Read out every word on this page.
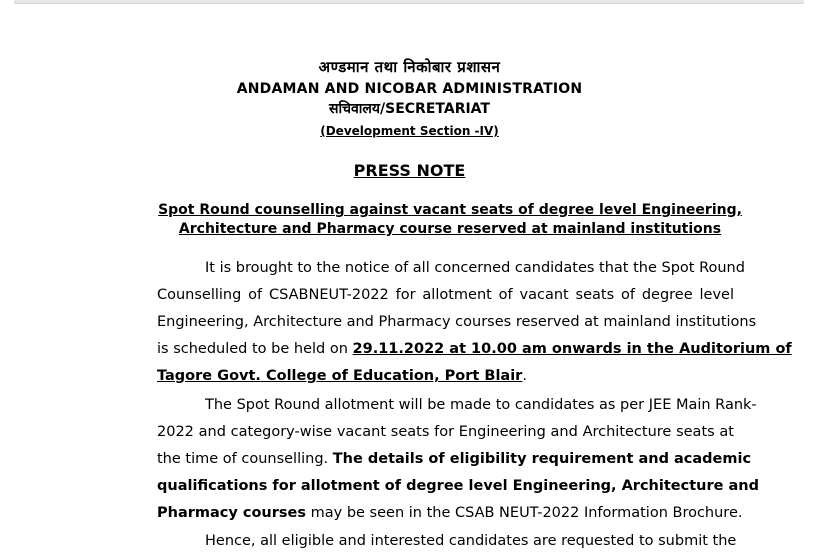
अण्डमान तथा निकोबार प्रशासन
ANDAMAN AND NICOBAR ADMINISTRATION
सचिवालय/SECRETARIAT
(Development Section -IV)
PRESS NOTE
Spot Round counselling against vacant seats of degree level Engineering,
Architecture and Pharmacy course reserved at mainland institutions
It is brought to the notice of all concerned candidates that the Spot Round
Counselling of CSABNEUT-2022 for allotment of vacant seats of degree level
Engineering, Architecture and Pharmacy courses reserved at mainland institutions
is scheduled to be held on 29.11.2022 at 10.00 am onwards in the Auditorium of
Tagore Govt. College of Education, Port Blair.
The Spot Round allotment will be made to candidates as per JEE Main Rank-
2022 and category-wise vacant seats for Engineering and Architecture seats at
the time of counselling. The details of eligibility requirement and academic
qualifications for allotment of degree level Engineering, Architecture and
Pharmacy courses may be seen in the CSAB NEUT-2022 Information Brochure.
Hence, all eligible and interested candidates are requested to submit the
